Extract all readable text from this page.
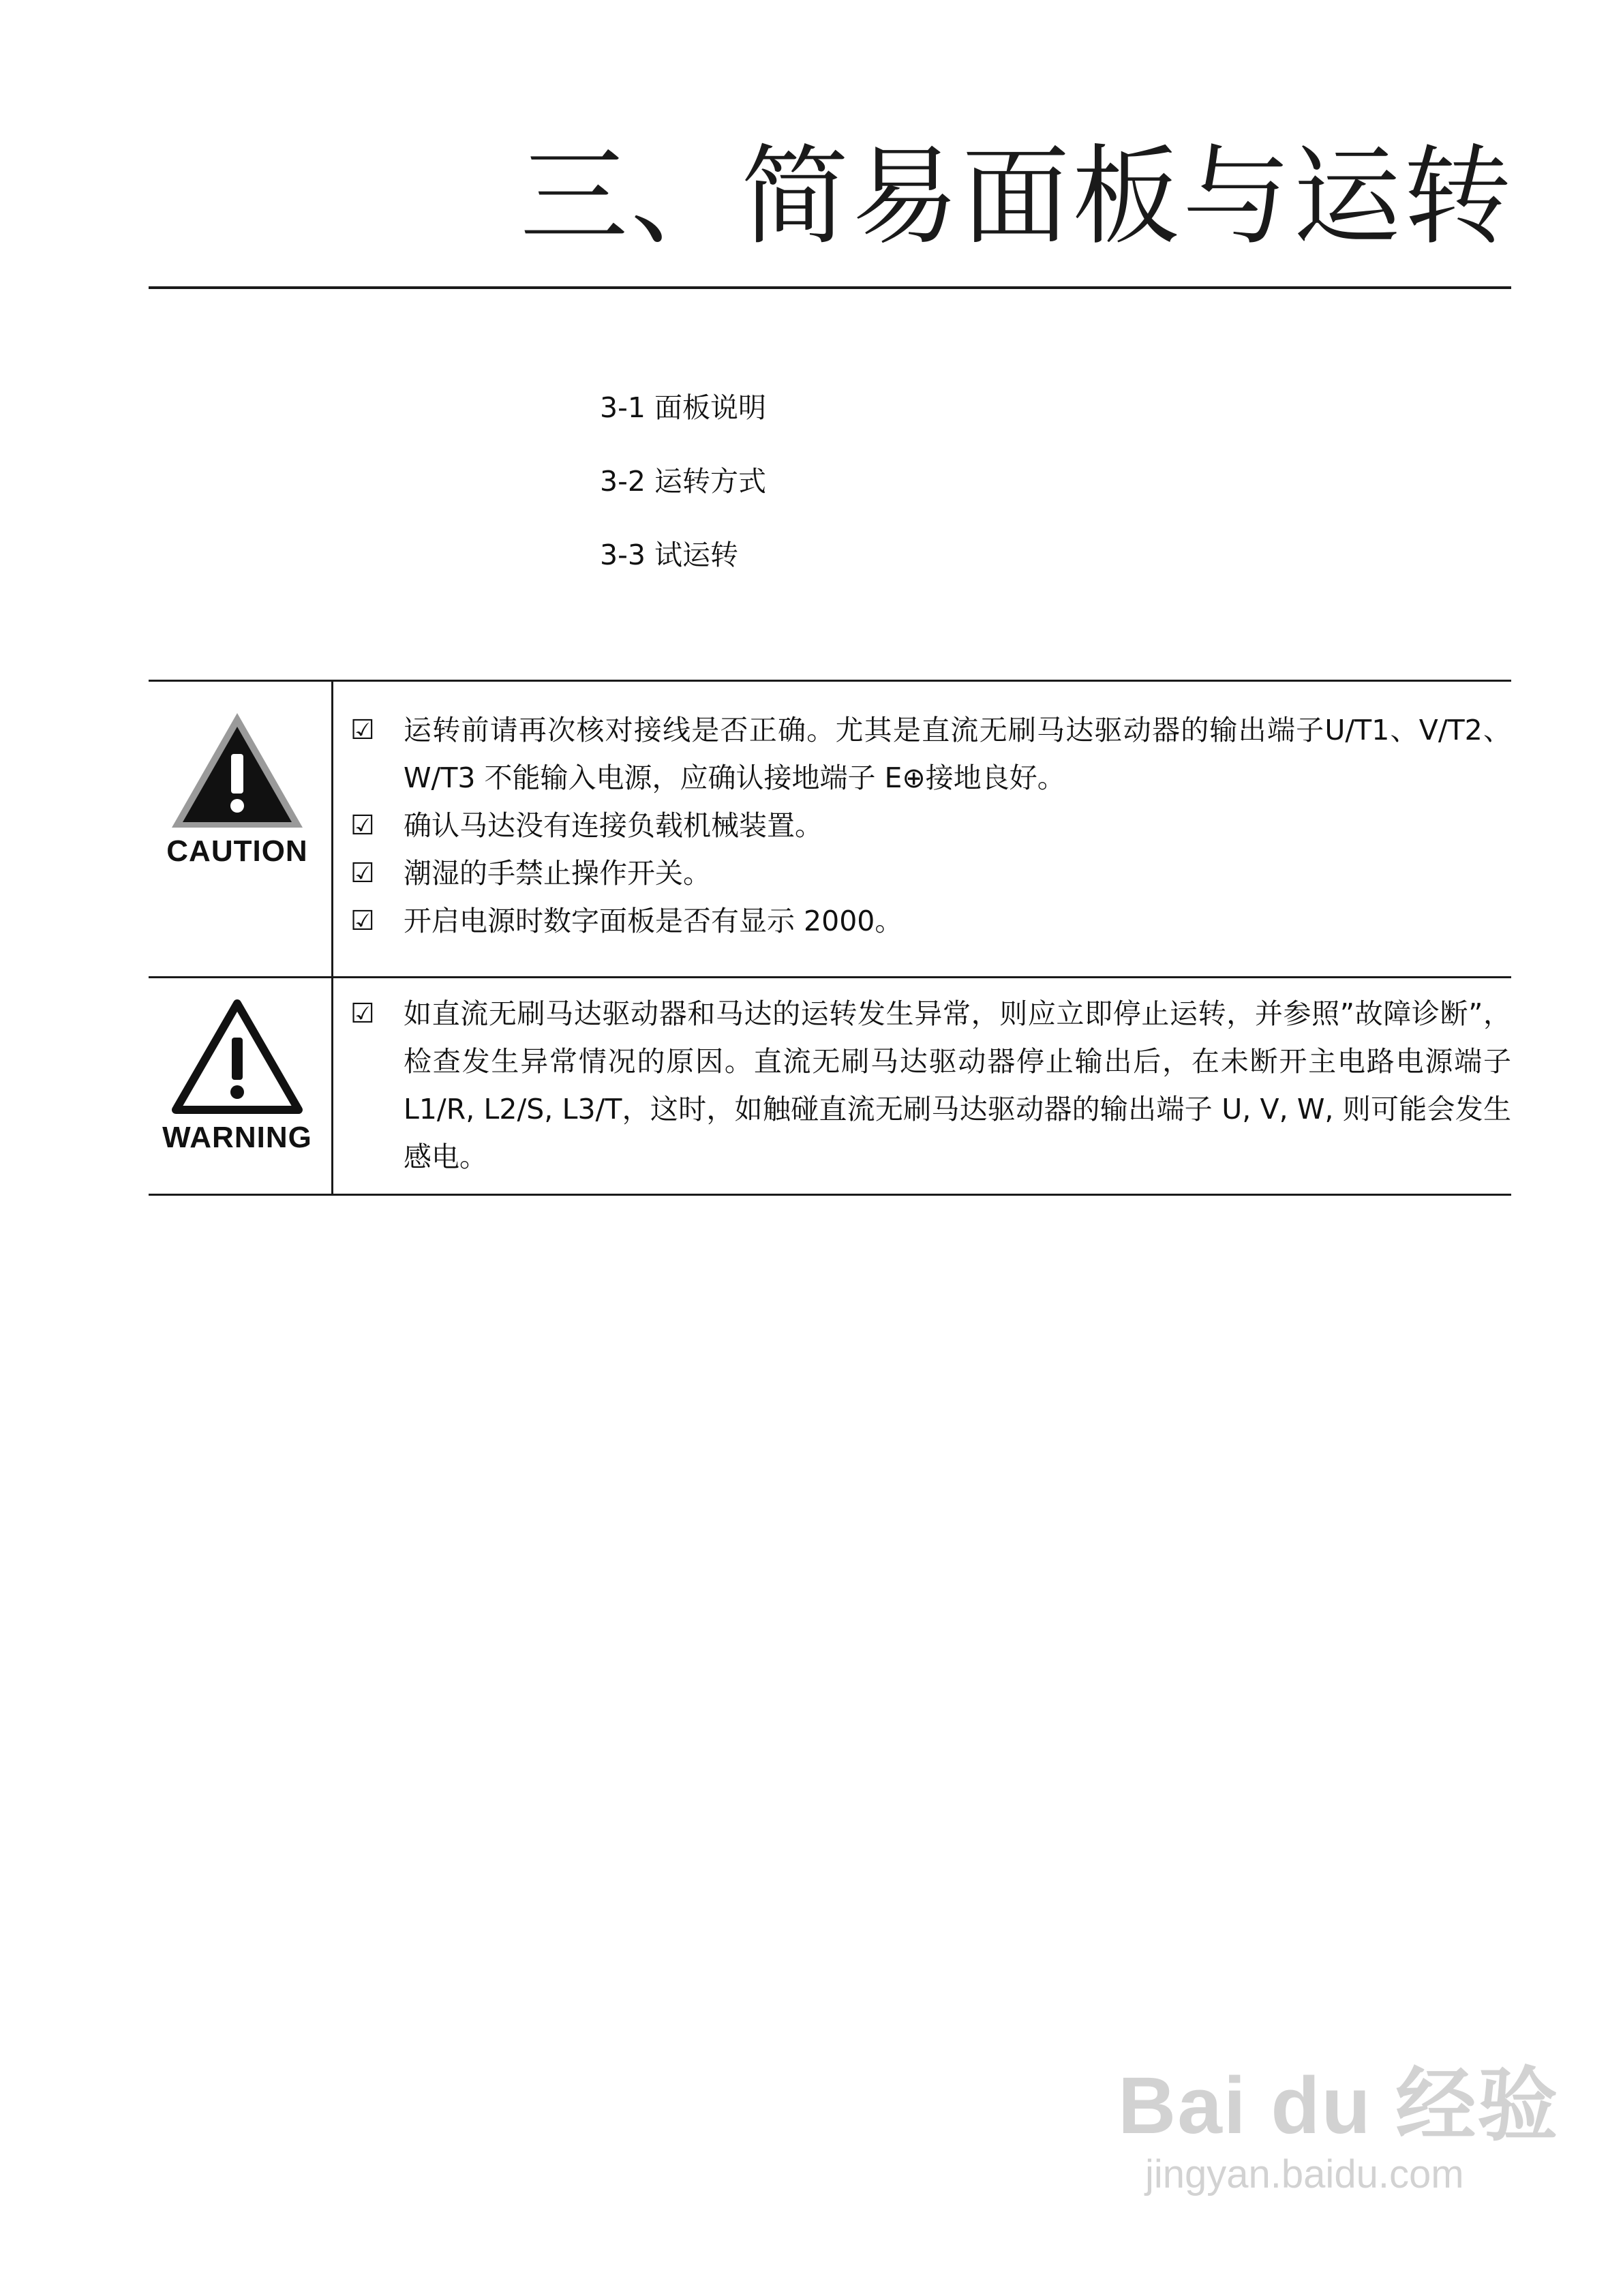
三、简易面板与运转
3-1 面板说明
3-2 运转方式
3-3 试运转
CAUTION
☑ 运转前请再次核对接线是否正确。尤其是直流无刷马达驱动器的输出端子U/T1、V/T2、W/T3 不能输入电源，应确认接地端子 E⊕接地良好。
☑ 确认马达没有连接负载机械装置。
☑ 潮湿的手禁止操作开关。
☑ 开启电源时数字面板是否有显示 2000。
WARNING
☑ 如直流无刷马达驱动器和马达的运转发生异常，则应立即停止运转，并参照”故障诊断”，检查发生异常情况的原因。直流无刷马达驱动器停止输出后，在未断开主电路电源端子 L1/R, L2/S, L3/T，这时，如触碰直流无刷马达驱动器的输出端子 U, V, W, 则可能会发生感电。
Bai du 经验
jingyan.baidu.com
